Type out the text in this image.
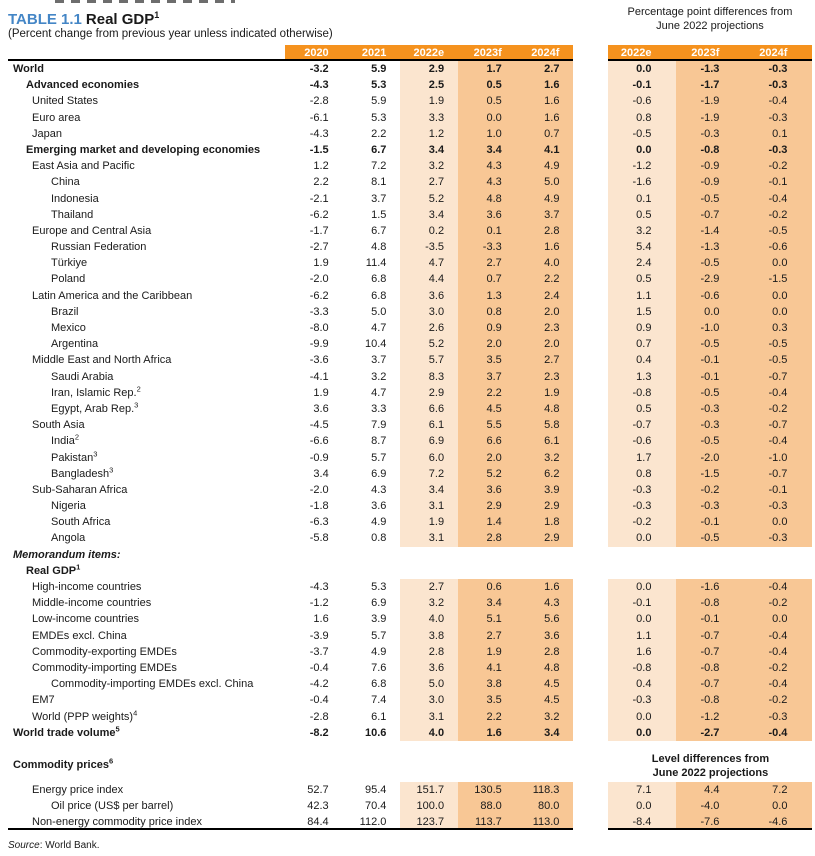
TABLE 1.1 Real GDP$^1$
(Percent change from previous year unless indicated otherwise)
Percentage point differences from
June 2022 projections
2020	2021	2022e	2023f	2024f	2022e	2023f	2024f
World	-3.2	5.9	2.9	1.7	2.7	0.0	-1.3	-0.3
Advanced economies	-4.3	5.3	2.5	0.5	1.6	-0.1	-1.7	-0.3
United States	-2.8	5.9	1.9	0.5	1.6	-0.6	-1.9	-0.4
Euro area	-6.1	5.3	3.3	0.0	1.6	0.8	-1.9	-0.3
Japan	-4.3	2.2	1.2	1.0	0.7	-0.5	-0.3	0.1
Emerging market and developing economies	-1.5	6.7	3.4	3.4	4.1	0.0	-0.8	-0.3
East Asia and Pacific	1.2	7.2	3.2	4.3	4.9	-1.2	-0.9	-0.2
China	2.2	8.1	2.7	4.3	5.0	-1.6	-0.9	-0.1
Indonesia	-2.1	3.7	5.2	4.8	4.9	0.1	-0.5	-0.4
Thailand	-6.2	1.5	3.4	3.6	3.7	0.5	-0.7	-0.2
Europe and Central Asia	-1.7	6.7	0.2	0.1	2.8	3.2	-1.4	-0.5
Russian Federation	-2.7	4.8	-3.5	-3.3	1.6	5.4	-1.3	-0.6
Türkiye	1.9	11.4	4.7	2.7	4.0	2.4	-0.5	0.0
Poland	-2.0	6.8	4.4	0.7	2.2	0.5	-2.9	-1.5
Latin America and the Caribbean	-6.2	6.8	3.6	1.3	2.4	1.1	-0.6	0.0
Brazil	-3.3	5.0	3.0	0.8	2.0	1.5	0.0	0.0
Mexico	-8.0	4.7	2.6	0.9	2.3	0.9	-1.0	0.3
Argentina	-9.9	10.4	5.2	2.0	2.0	0.7	-0.5	-0.5
Middle East and North Africa	-3.6	3.7	5.7	3.5	2.7	0.4	-0.1	-0.5
Saudi Arabia	-4.1	3.2	8.3	3.7	2.3	1.3	-0.1	-0.7
Iran, Islamic Rep.$^2$	1.9	4.7	2.9	2.2	1.9	-0.8	-0.5	-0.4
Egypt, Arab Rep.$^3$	3.6	3.3	6.6	4.5	4.8	0.5	-0.3	-0.2
South Asia	-4.5	7.9	6.1	5.5	5.8	-0.7	-0.3	-0.7
India$^2$	-6.6	8.7	6.9	6.6	6.1	-0.6	-0.5	-0.4
Pakistan$^3$	-0.9	5.7	6.0	2.0	3.2	1.7	-2.0	-1.0
Bangladesh$^3$	3.4	6.9	7.2	5.2	6.2	0.8	-1.5	-0.7
Sub-Saharan Africa	-2.0	4.3	3.4	3.6	3.9	-0.3	-0.2	-0.1
Nigeria	-1.8	3.6	3.1	2.9	2.9	-0.3	-0.3	-0.3
South Africa	-6.3	4.9	1.9	1.4	1.8	-0.2	-0.1	0.0
Angola	-5.8	0.8	3.1	2.8	2.9	0.0	-0.5	-0.3
Memorandum items:
Real GDP$^1$
High-income countries	-4.3	5.3	2.7	0.6	1.6	0.0	-1.6	-0.4
Middle-income countries	-1.2	6.9	3.2	3.4	4.3	-0.1	-0.8	-0.2
Low-income countries	1.6	3.9	4.0	5.1	5.6	0.0	-0.1	0.0
EMDEs excl. China	-3.9	5.7	3.8	2.7	3.6	1.1	-0.7	-0.4
Commodity-exporting EMDEs	-3.7	4.9	2.8	1.9	2.8	1.6	-0.7	-0.4
Commodity-importing EMDEs	-0.4	7.6	3.6	4.1	4.8	-0.8	-0.8	-0.2
Commodity-importing EMDEs excl. China	-4.2	6.8	5.0	3.8	4.5	0.4	-0.7	-0.4
EM7	-0.4	7.4	3.0	3.5	4.5	-0.3	-0.8	-0.2
World (PPP weights)$^4$	-2.8	6.1	3.1	2.2	3.2	0.0	-1.2	-0.3
World trade volume$^5$	-8.2	10.6	4.0	1.6	3.4	0.0	-2.7	-0.4
Commodity prices$^6$	Level differences from
June 2022 projections
Energy price index	52.7	95.4	151.7	130.5	118.3	7.1	4.4	7.2
Oil price (US$ per barrel)	42.3	70.4	100.0	88.0	80.0	0.0	-4.0	0.0
Non-energy commodity price index	84.4	112.0	123.7	113.7	113.0	-8.4	-7.6	-4.6
Source: World Bank.
